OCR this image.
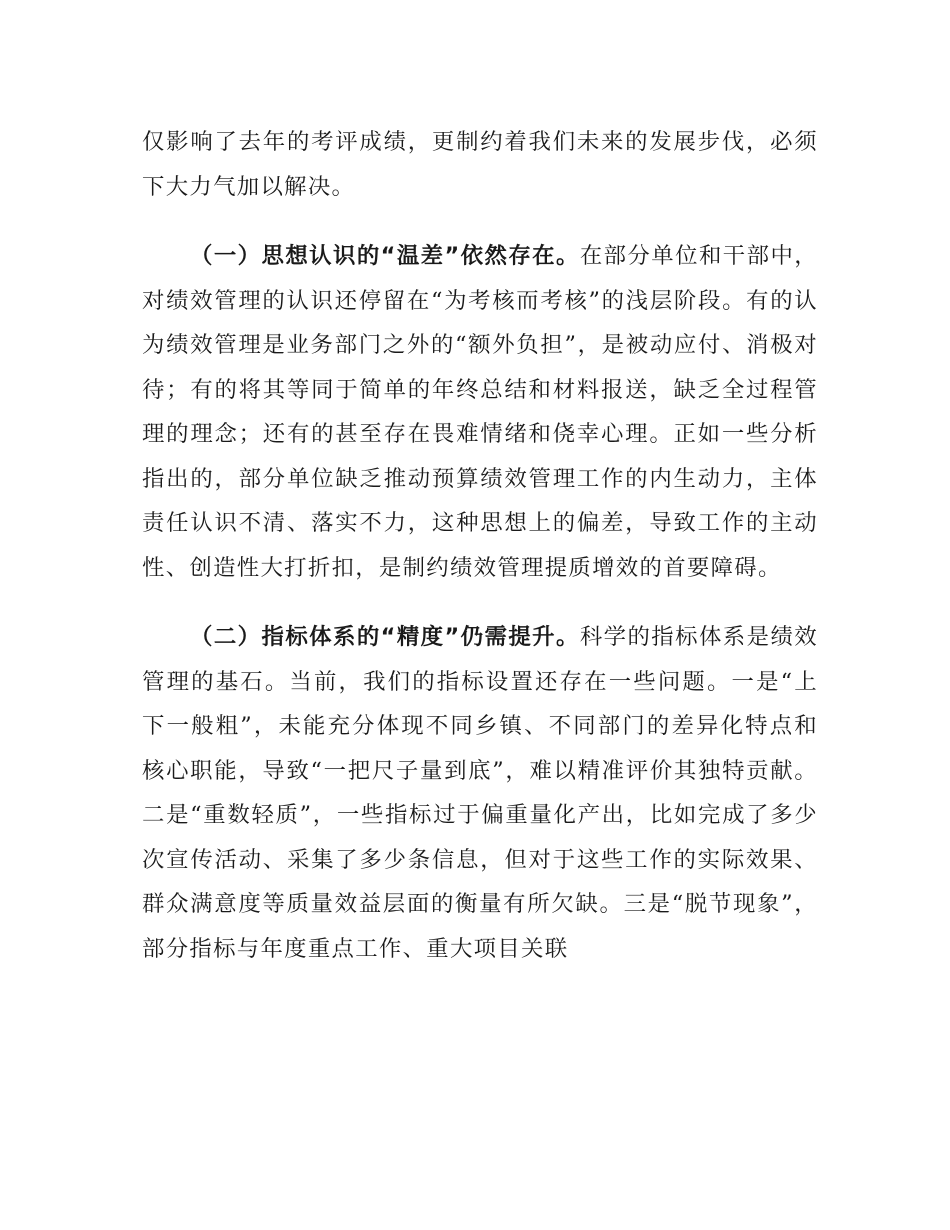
仅影响了去年的考评成绩，更制约着我们未来的发展步伐，必须下大力气加以解决。

（一）思想认识的“温差”依然存在。在部分单位和干部中，对绩效管理的认识还停留在“为考核而考核”的浅层阶段。有的认为绩效管理是业务部门之外的“额外负担”，是被动应付、消极对待；有的将其等同于简单的年终总结和材料报送，缺乏全过程管理的理念；还有的甚至存在畏难情绪和侥幸心理。正如一些分析指出的，部分单位缺乏推动预算绩效管理工作的内生动力，主体责任认识不清、落实不力，这种思想上的偏差，导致工作的主动性、创造性大打折扣，是制约绩效管理提质增效的首要障碍。

（二）指标体系的“精度”仍需提升。科学的指标体系是绩效管理的基石。当前，我们的指标设置还存在一些问题。一是“上下一般粗”，未能充分体现不同乡镇、不同部门的差异化特点和核心职能，导致“一把尺子量到底”，难以精准评价其独特贡献。二是“重数轻质”，一些指标过于偏重量化产出，比如完成了多少次宣传活动、采集了多少条信息，但对于这些工作的实际效果、群众满意度等质量效益层面的衡量有所欠缺。三是“脱节现象”，部分指标与年度重点工作、重大项目关联
